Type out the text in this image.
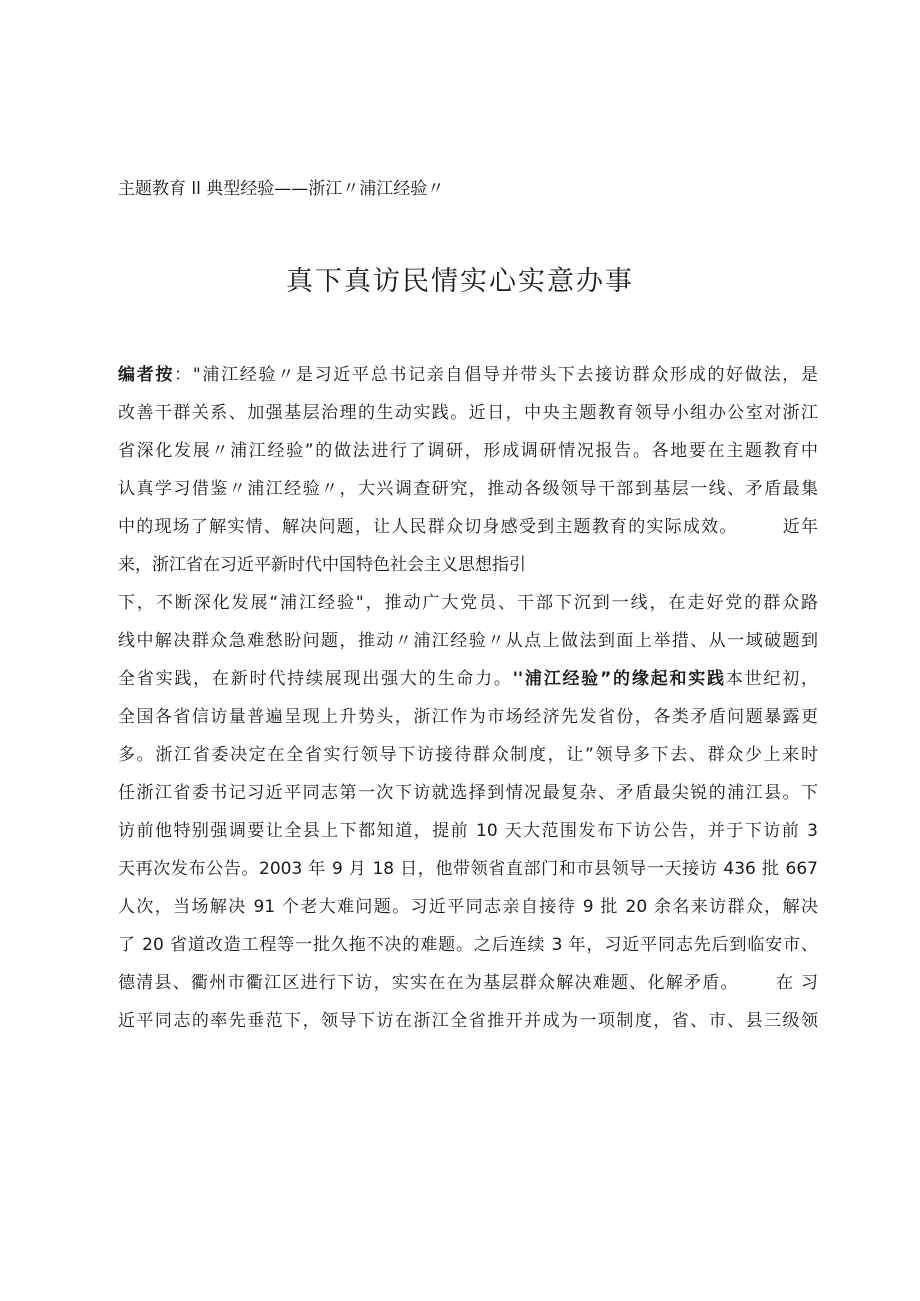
主题教育 ll 典型经验——浙江〃浦江经验〃
真下真访民情实心实意办事
编者按："浦江经验〃是习近平总书记亲自倡导并带头下去接访群众形成的好做法，是
改善干群关系、加强基层治理的生动实践。近日，中央主题教育领导小组办公室对浙江
省深化发展〃浦江经验”的做法进行了调研，形成调研情况报告。各地要在主题教育中
认真学习借鉴〃浦江经验〃，大兴调查研究，推动各级领导干部到基层一线、矛盾最集
中的现场了解实情、解决问题，让人民群众切身感受到主题教育的实际成效。	近年
来，浙江省在习近平新时代中国特色社会主义思想指引
下，不断深化发展“浦江经验"，推动广大党员、干部下沉到一线，在走好党的群众路
线中解决群众急难愁盼问题，推动〃浦江经验〃从点上做法到面上举措、从一域破题到
全省实践，在新时代持续展现出强大的生命力。''浦江经验”的缘起和实践本世纪初，
全国各省信访量普遍呈现上升势头，浙江作为市场经济先发省份，各类矛盾问题暴露更
多。浙江省委决定在全省实行领导下访接待群众制度，让”领导多下去、群众少上来时
任浙江省委书记习近平同志第一次下访就选择到情况最复杂、矛盾最尖锐的浦江县。下
访前他特别强调要让全县上下都知道，提前 10 天大范围发布下访公告，并于下访前 3
天再次发布公告。2003 年 9 月 18 日，他带领省直部门和市县领导一天接访 436 批 667
人次，当场解决 91 个老大难问题。习近平同志亲自接待 9 批 20 余名来访群众，解决
了 20 省道改造工程等一批久拖不决的难题。之后连续 3 年，习近平同志先后到临安市、
德清县、衢州市衢江区进行下访，实实在在为基层群众解决难题、化解矛盾。 在 习
近平同志的率先垂范下，领导下访在浙江全省推开并成为一项制度，省、市、县三级领
